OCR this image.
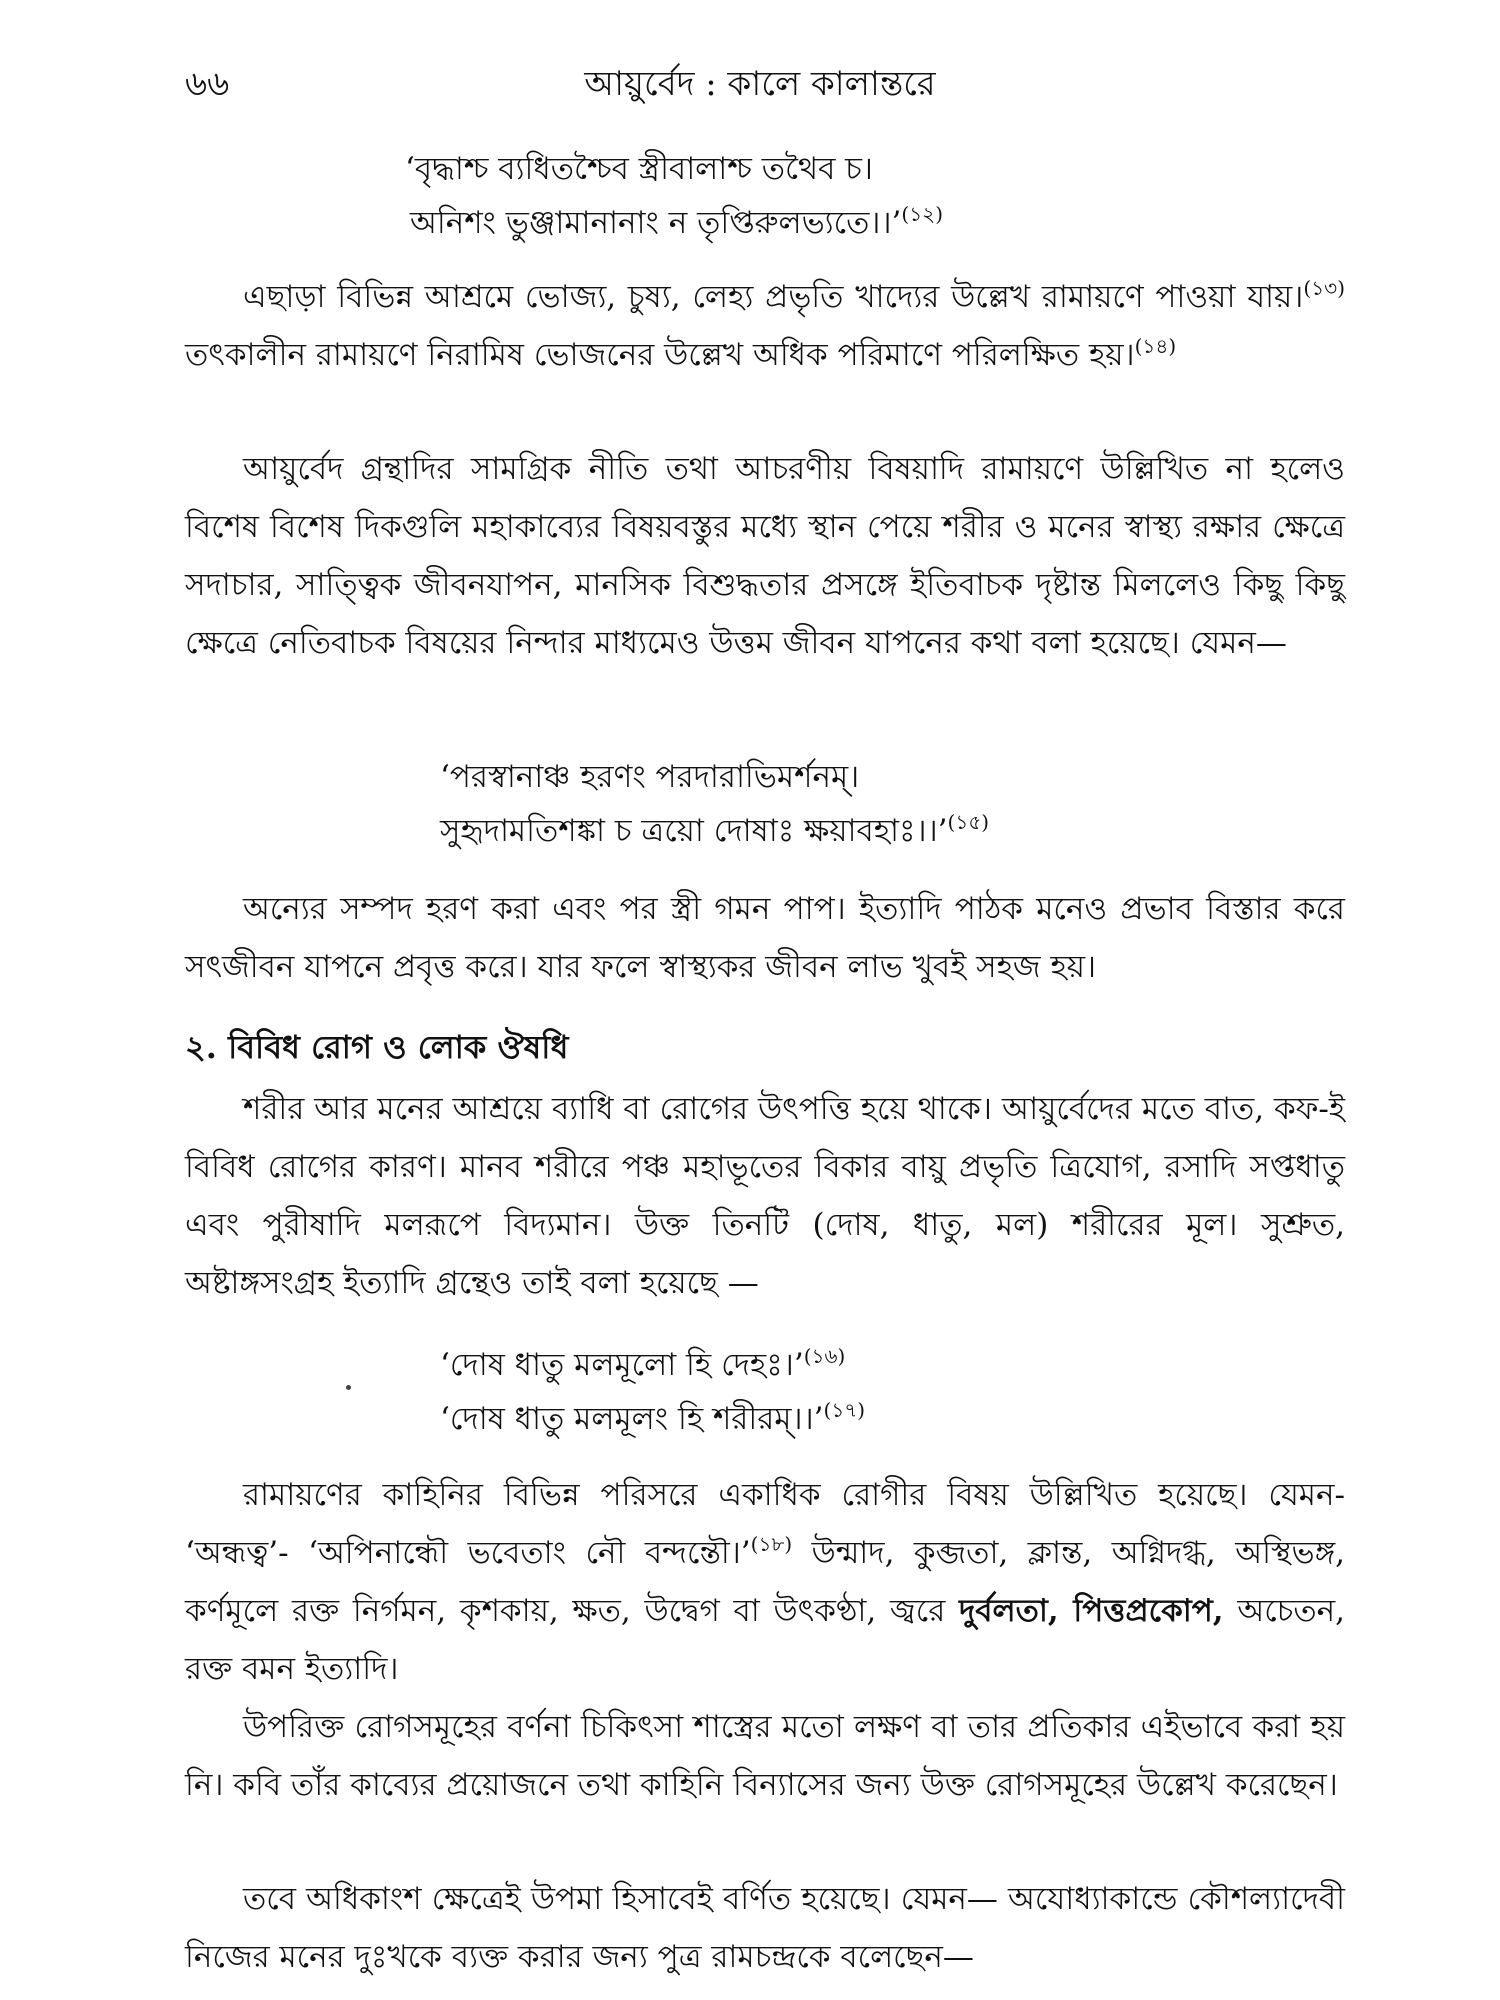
৬৬	আয়ুর্বেদ : কালে কালান্তরে
‘বৃদ্ধাশ্চ ব্যধিতশ্চৈব স্ত্রীবালাশ্চ তথৈব চ।
অনিশং ভুঞ্জামানানাং ন তৃপ্তিরুলভ্যতে।।’$^{(১২)}$
এছাড়া বিভিন্ন আশ্রমে ভোজ্য, চুষ্য, লেহ্য প্রভৃতি খাদ্যের উল্লেখ রামায়ণে পাওয়া যায়।$^{(১৩)}$ তৎকালীন রামায়ণে নিরামিষ ভোজনের উল্লেখ অধিক পরিমাণে পরিলক্ষিত হয়।$^{(১৪)}$
আয়ুর্বেদ গ্রন্থাদির সামগ্রিক নীতি তথা আচরণীয় বিষয়াদি রামায়ণে উল্লিখিত না হলেও বিশেষ বিশেষ দিকগুলি মহাকাব্যের বিষয়বস্তুর মধ্যে স্থান পেয়ে শরীর ও মনের স্বাস্থ্য রক্ষার ক্ষেত্রে সদাচার, সাত্ত্বিক জীবনযাপন, মানসিক বিশুদ্ধতার প্রসঙ্গে ইতিবাচক দৃষ্টান্ত মিললেও কিছু কিছু ক্ষেত্রে নেতিবাচক বিষয়ের নিন্দার মাধ্যমেও উত্তম জীবন যাপনের কথা বলা হয়েছে। যেমন—
‘পরস্বানাঞ্চ হরণং পরদারাভিমর্শনম্।
সুহৃদামতিশঙ্কা চ ত্রয়ো দোষাঃ ক্ষয়াবহাঃ।।’$^{(১৫)}$
অন্যের সম্পদ হরণ করা এবং পর স্ত্রী গমন পাপ। ইত্যাদি পাঠক মনেও প্রভাব বিস্তার করে সৎজীবন যাপনে প্রবৃত্ত করে। যার ফলে স্বাস্থ্যকর জীবন লাভ খুবই সহজ হয়।
২. বিবিধ রোগ ও লোক ঔষধি
শরীর আর মনের আশ্রয়ে ব্যাধি বা রোগের উৎপত্তি হয়ে থাকে। আয়ুর্বেদের মতে বাত, কফ-ই বিবিধ রোগের কারণ। মানব শরীরে পঞ্চ মহাভূতের বিকার বায়ু প্রভৃতি ত্রিযোগ, রসাদি সপ্তধাতু এবং পুরীষাদি মলরূপে বিদ্যমান। উক্ত তিনটি (দোষ, ধাতু, মল) শরীরের মূল। সুশ্রুত, অষ্টাঙ্গসংগ্রহ ইত্যাদি গ্রন্থেও তাই বলা হয়েছে —
‘দোষ ধাতু মলমূলো হি দেহঃ।’$^{(১৬)}$
‘দোষ ধাতু মলমূলং হি শরীরম্।।’$^{(১৭)}$
রামায়ণের কাহিনির বিভিন্ন পরিসরে একাধিক রোগীর বিষয় উল্লিখিত হয়েছে। যেমন- ‘অন্ধত্ব’- ‘অপিনান্ধৌ ভবেতাং নৌ বন্দন্তৌ।’$^{(১৮)}$ উন্মাদ, কুব্জতা, ক্লান্ত, অগ্নিদগ্ধ, অস্থিভঙ্গ, কর্ণমূলে রক্ত নির্গমন, কৃশকায়, ক্ষত, উদ্বেগ বা উৎকণ্ঠা, জ্বরে দুর্বলতা, পিত্তপ্রকোপ, অচেতন, রক্ত বমন ইত্যাদি।
উপরিক্ত রোগসমূহের বর্ণনা চিকিৎসা শাস্ত্রের মতো লক্ষণ বা তার প্রতিকার এইভাবে করা হয় নি। কবি তাঁর কাব্যের প্রয়োজনে তথা কাহিনি বিন্যাসের জন্য উক্ত রোগসমূহের উল্লেখ করেছেন।
তবে অধিকাংশ ক্ষেত্রেই উপমা হিসাবেই বর্ণিত হয়েছে। যেমন— অযোধ্যাকান্ডে কৌশল্যাদেবী নিজের মনের দুঃখকে ব্যক্ত করার জন্য পুত্র রামচন্দ্রকে বলেছেন—
